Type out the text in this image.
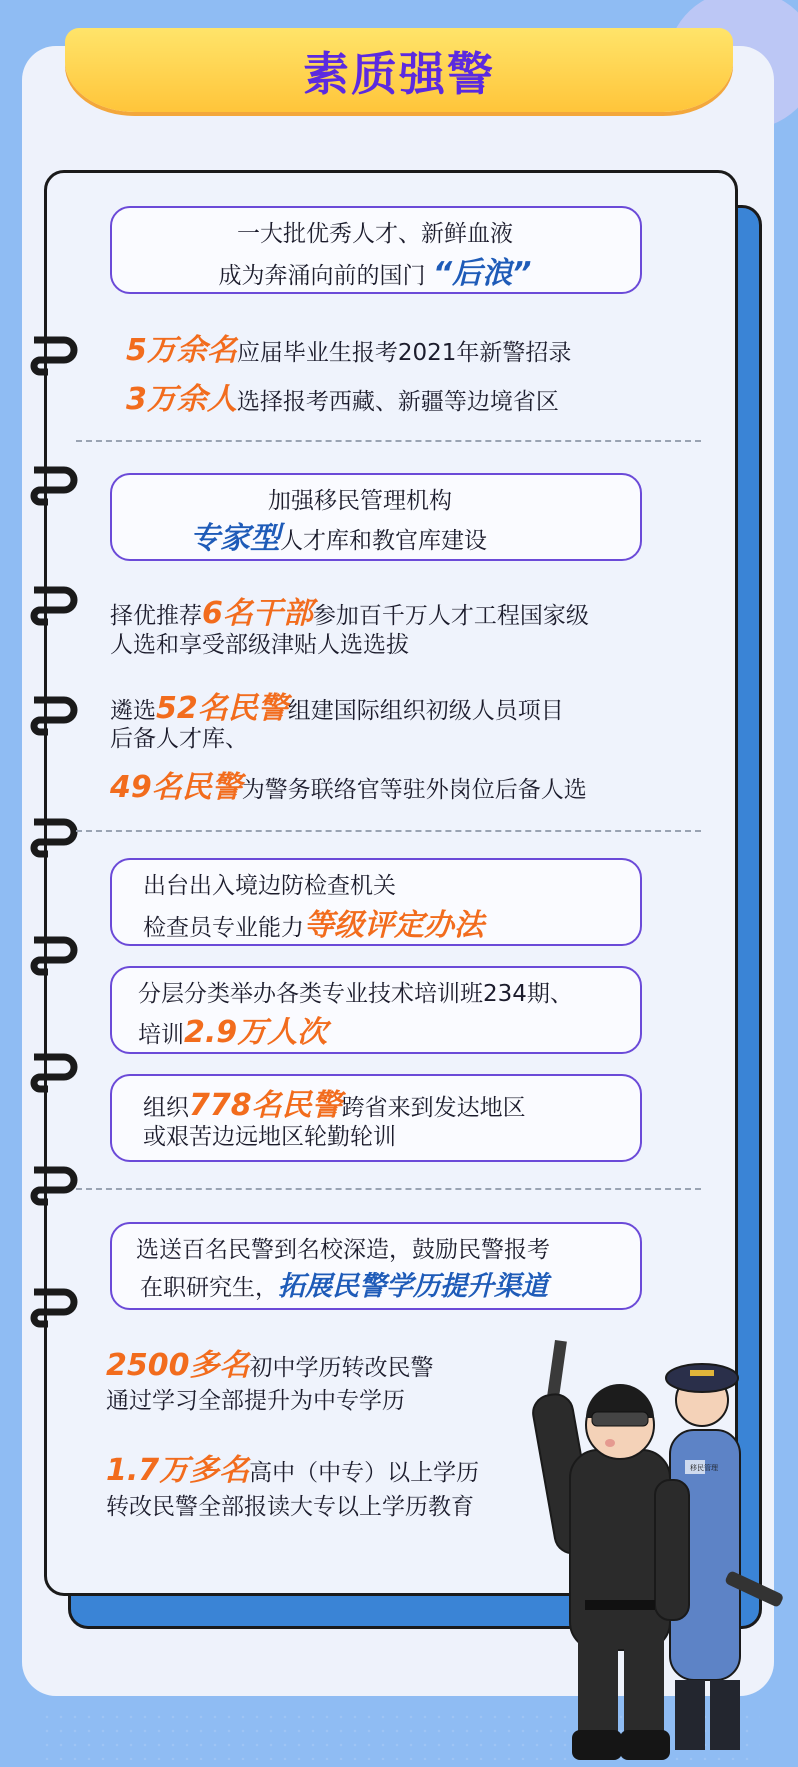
素质强警
一大批优秀人才、新鲜血液
成为奔涌向前的国门 “后浪”
5万余名应届毕业生报考2021年新警招录
3万余人选择报考西藏、新疆等边境省区
加强移民管理机构
专家型人才库和教官库建设
择优推荐6名干部参加百千万人才工程国家级
人选和享受部级津贴人选选拔
遴选52名民警组建国际组织初级人员项目
后备人才库、
49名民警为警务联络官等驻外岗位后备人选
出台出入境边防检查机关
检查员专业能力等级评定办法
分层分类举办各类专业技术培训班234期、
培训2.9万人次
组织778名民警跨省来到发达地区
或艰苦边远地区轮勤轮训
选送百名民警到名校深造，鼓励民警报考
在职研究生，拓展民警学历提升渠道
2500多名初中学历转改民警
通过学习全部提升为中专学历
1.7万多名高中（中专）以上学历
转改民警全部报读大专以上学历教育
移民管理
